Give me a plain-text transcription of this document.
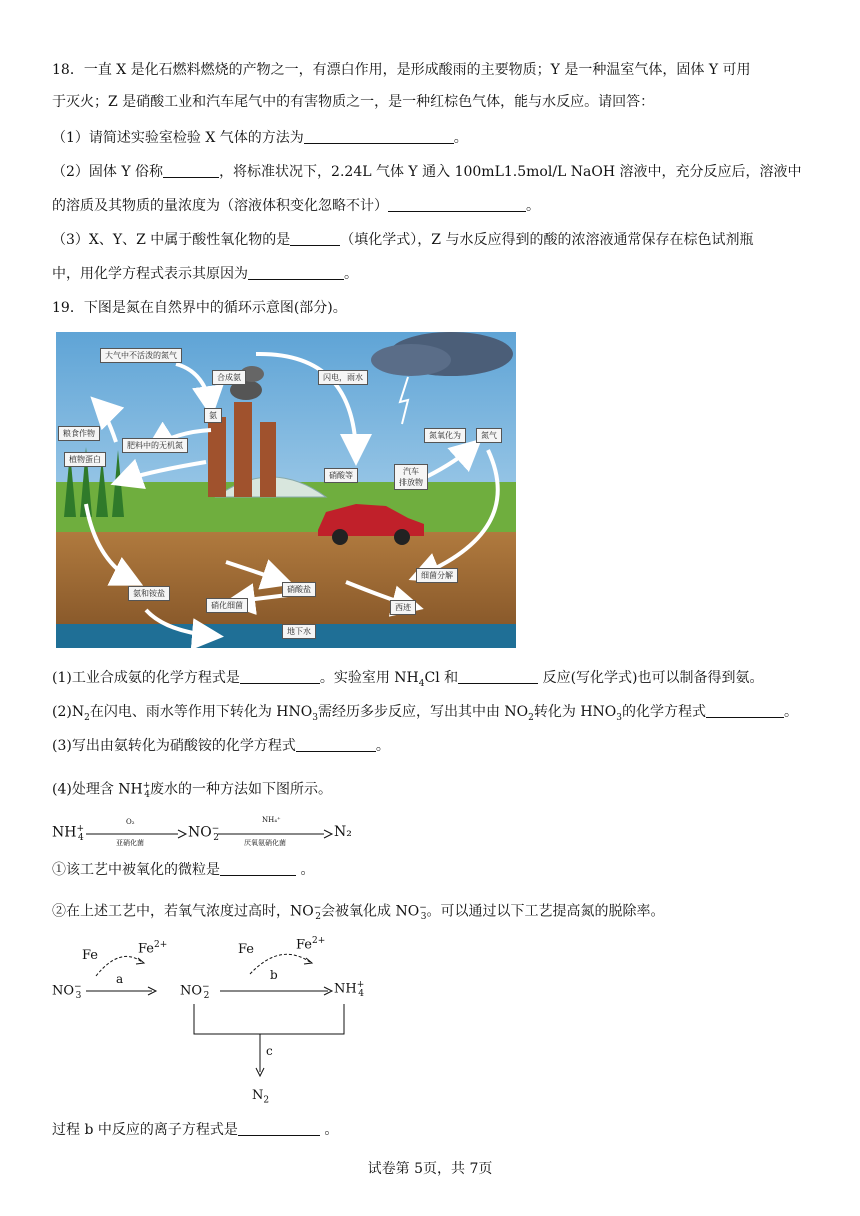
18．一直 X 是化石燃料燃烧的产物之一，有漂白作用，是形成酸雨的主要物质；Y 是一种温室气体，固体 Y 可用
于灭火；Z 是硝酸工业和汽车尾气中的有害物质之一，是一种红棕色气体，能与水反应。请回答：
（1）请简述实验室检验 X 气体的方法为	。
（2）固体 Y 俗称	，将标准状况下，2.24L 气体 Y 通入 100mL1.5mol/L NaOH 溶液中，充分反应后，溶液中
的溶质及其物质的量浓度为（溶液体积变化忽略不计）	。
（3）X、Y、Z 中属于酸性氧化物的是	（填化学式），Z 与水反应得到的酸的浓溶液通常保存在棕色试剂瓶
中，用化学方程式表示其原因为	。
19．下图是氮在自然界中的循环示意图(部分)。
大气中不活泼的氮气
合成氨	闪电，雨水
氨
粮食作物
肥料中的无机氮
植物蛋白
硝酸等
氮氧化为	氮气
汽车
排放物
氨和铵盐
硝化细菌
硝酸盐
细菌分解
西迹
地下水
(1)工业合成氨的化学方程式是	。实验室用 $NH_4Cl$ 和	反应(写化学式)也可以制备得到氨。
$(2)N_2$在闪电、雨水等作用下转化为 $HNO_3$需经历多步反应，写出其中由 $NO_2$转化为 $HNO_3$的化学方程式	。
(3)写出由氨转化为硝酸铵的化学方程式	。
(4)处理含 $NH^+_4$废水的一种方法如下图所示。
$NH^+_4$
O₂
亚硝化菌
$NO^-_2$
NH₄⁺
厌氧氨硝化菌
N₂
①该工艺中被氧化的微粒是	。
②在上述工艺中，若氧气浓度过高时，$NO^-_2$会被氧化成 $NO^-_3$。可以通过以下工艺提高氮的脱除率。
Fe	$Fe^{2+}$
a
$NO^-_3$	$NO^-_2$
Fe	$Fe^{2+}$
b
$NH^+_4$
c
$N_2$
过程 b 中反应的离子方程式是	。
试卷第 5页，共 7页
